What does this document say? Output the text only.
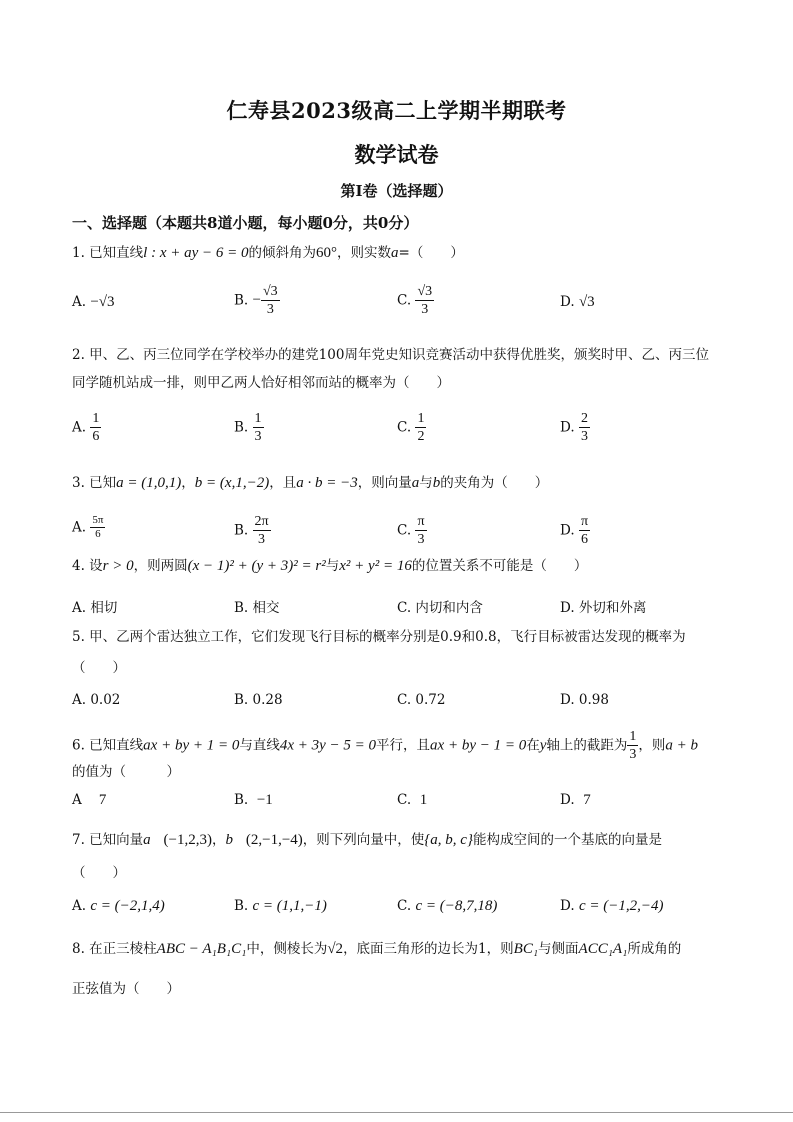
仁寿县2023级高二上学期半期联考
数学试卷
第I卷（选择题）
一、选择题（本题共8道小题，每小题0分，共0分）
1. 已知直线l : x + ay − 6 = 0的倾斜角为60°，则实数a=（　　）
A. −√3	B. − $\frac{√3}{3}$	C. $\frac{√3}{3}$	D. √3
2. 甲、乙、丙三位同学在学校举办的建党100周年党史知识竞赛活动中获得优胜奖，颁奖时甲、乙、丙三位同学随机站成一排，则甲乙两人恰好相邻而站的概率为（　　）
A. $\frac{1}{6}$	B. $\frac{1}{3}$	C. $\frac{1}{2}$	D. $\frac{2}{3}$
3. 已知a = (1,0,1)，b = (x,1,−2)，且a · b = −3，则向量a与b的夹角为（　　）
A. $\frac{5\pi}{6}$	B. $\frac{2\pi}{3}$	C. $\frac{\pi}{3}$	D. $\frac{\pi}{6}$
4. 设r > 0，则两圆(x − 1)² + (y + 3)² = r²与x² + y² = 16的位置关系不可能是（　　）
A. 相切	B. 相交	C. 内切和内含	D. 外切和外离
5. 甲、乙两个雷达独立工作，它们发现飞行目标的概率分别是0.9和0.8，飞行目标被雷达发现的概率为
（　　）
A. 0.02	B. 0.28	C. 0.72	D. 0.98
6. 已知直线ax + by + 1 = 0与直线4x + 3y − 5 = 0平行，且ax + by − 1 = 0在y轴上的截距为 $\frac{1}{3}$ ，则a + b
的值为（　　　）
A 7	B. −1	C. 1	D. 7
7. 已知向量a (−1,2,3)，b (2,−1,−4)，则下列向量中，使{a, b, c}能构成空间的一个基底的向量是
（　　）
A. c = (−2,1,4)	B. c = (1,1,−1)	C. c = (−8,7,18)	D. c = (−1,2,−4)
8. 在正三棱柱ABC − A₁B₁C₁中，侧棱长为√2，底面三角形的边长为1，则BC₁与侧面ACC₁A₁所成角的
正弦值为（　　）
